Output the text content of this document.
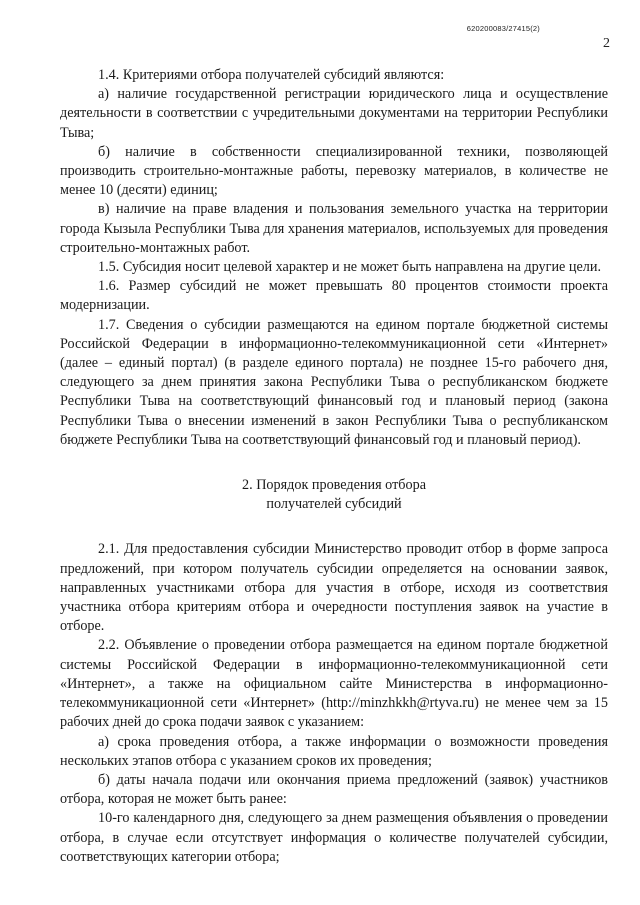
620200083/27415(2)
2

1.4. Критериями отбора получателей субсидий являются:

а) наличие государственной регистрации юридического лица и осуществление деятельности в соответствии с учредительными документами на территории Республики Тыва;

б) наличие в собственности специализированной техники, позволяющей производить строительно-монтажные работы, перевозку материалов, в количестве не менее 10 (десяти) единиц;

в) наличие на праве владения и пользования земельного участка на территории города Кызыла Республики Тыва для хранения материалов, используемых для проведения строительно-монтажных работ.

1.5. Субсидия носит целевой характер и не может быть направлена на другие цели.

1.6. Размер субсидий не может превышать 80 процентов стоимости проекта модернизации.

1.7. Сведения о субсидии размещаются на едином портале бюджетной системы Российской Федерации в информационно-телекоммуникационной сети «Интернет» (далее – единый портал) (в разделе единого портала) не позднее 15-го рабочего дня, следующего за днем принятия закона Республики Тыва о республиканском бюджете Республики Тыва на соответствующий финансовый год и плановый период (закона Республики Тыва о внесении изменений в закон Республики Тыва о республиканском бюджете Республики Тыва на соответствующий финансовый год и плановый период).

2. Порядок проведения отбора

получателей субсидий

2.1. Для предоставления субсидии Министерство проводит отбор в форме запроса предложений, при котором получатель субсидии определяется на основании заявок, направленных участниками отбора для участия в отборе, исходя из соответствия участника отбора критериям отбора и очередности поступления заявок на участие в отборе.

2.2. Объявление о проведении отбора размещается на едином портале бюджетной системы Российской Федерации в информационно-телекоммуникационной сети «Интернет», а также на официальном сайте Министерства в информационно-телекоммуникационной сети «Интернет» (http://minzhkkh@rtyva.ru) не менее чем за 15 рабочих дней до срока подачи заявок с указанием:

а) срока проведения отбора, а также информации о возможности проведения нескольких этапов отбора с указанием сроков их проведения;

б) даты начала подачи или окончания приема предложений (заявок) участников отбора, которая не может быть ранее:

10-го календарного дня, следующего за днем размещения объявления о проведении отбора, в случае если отсутствует информация о количестве получателей субсидии, соответствующих категории отбора;
